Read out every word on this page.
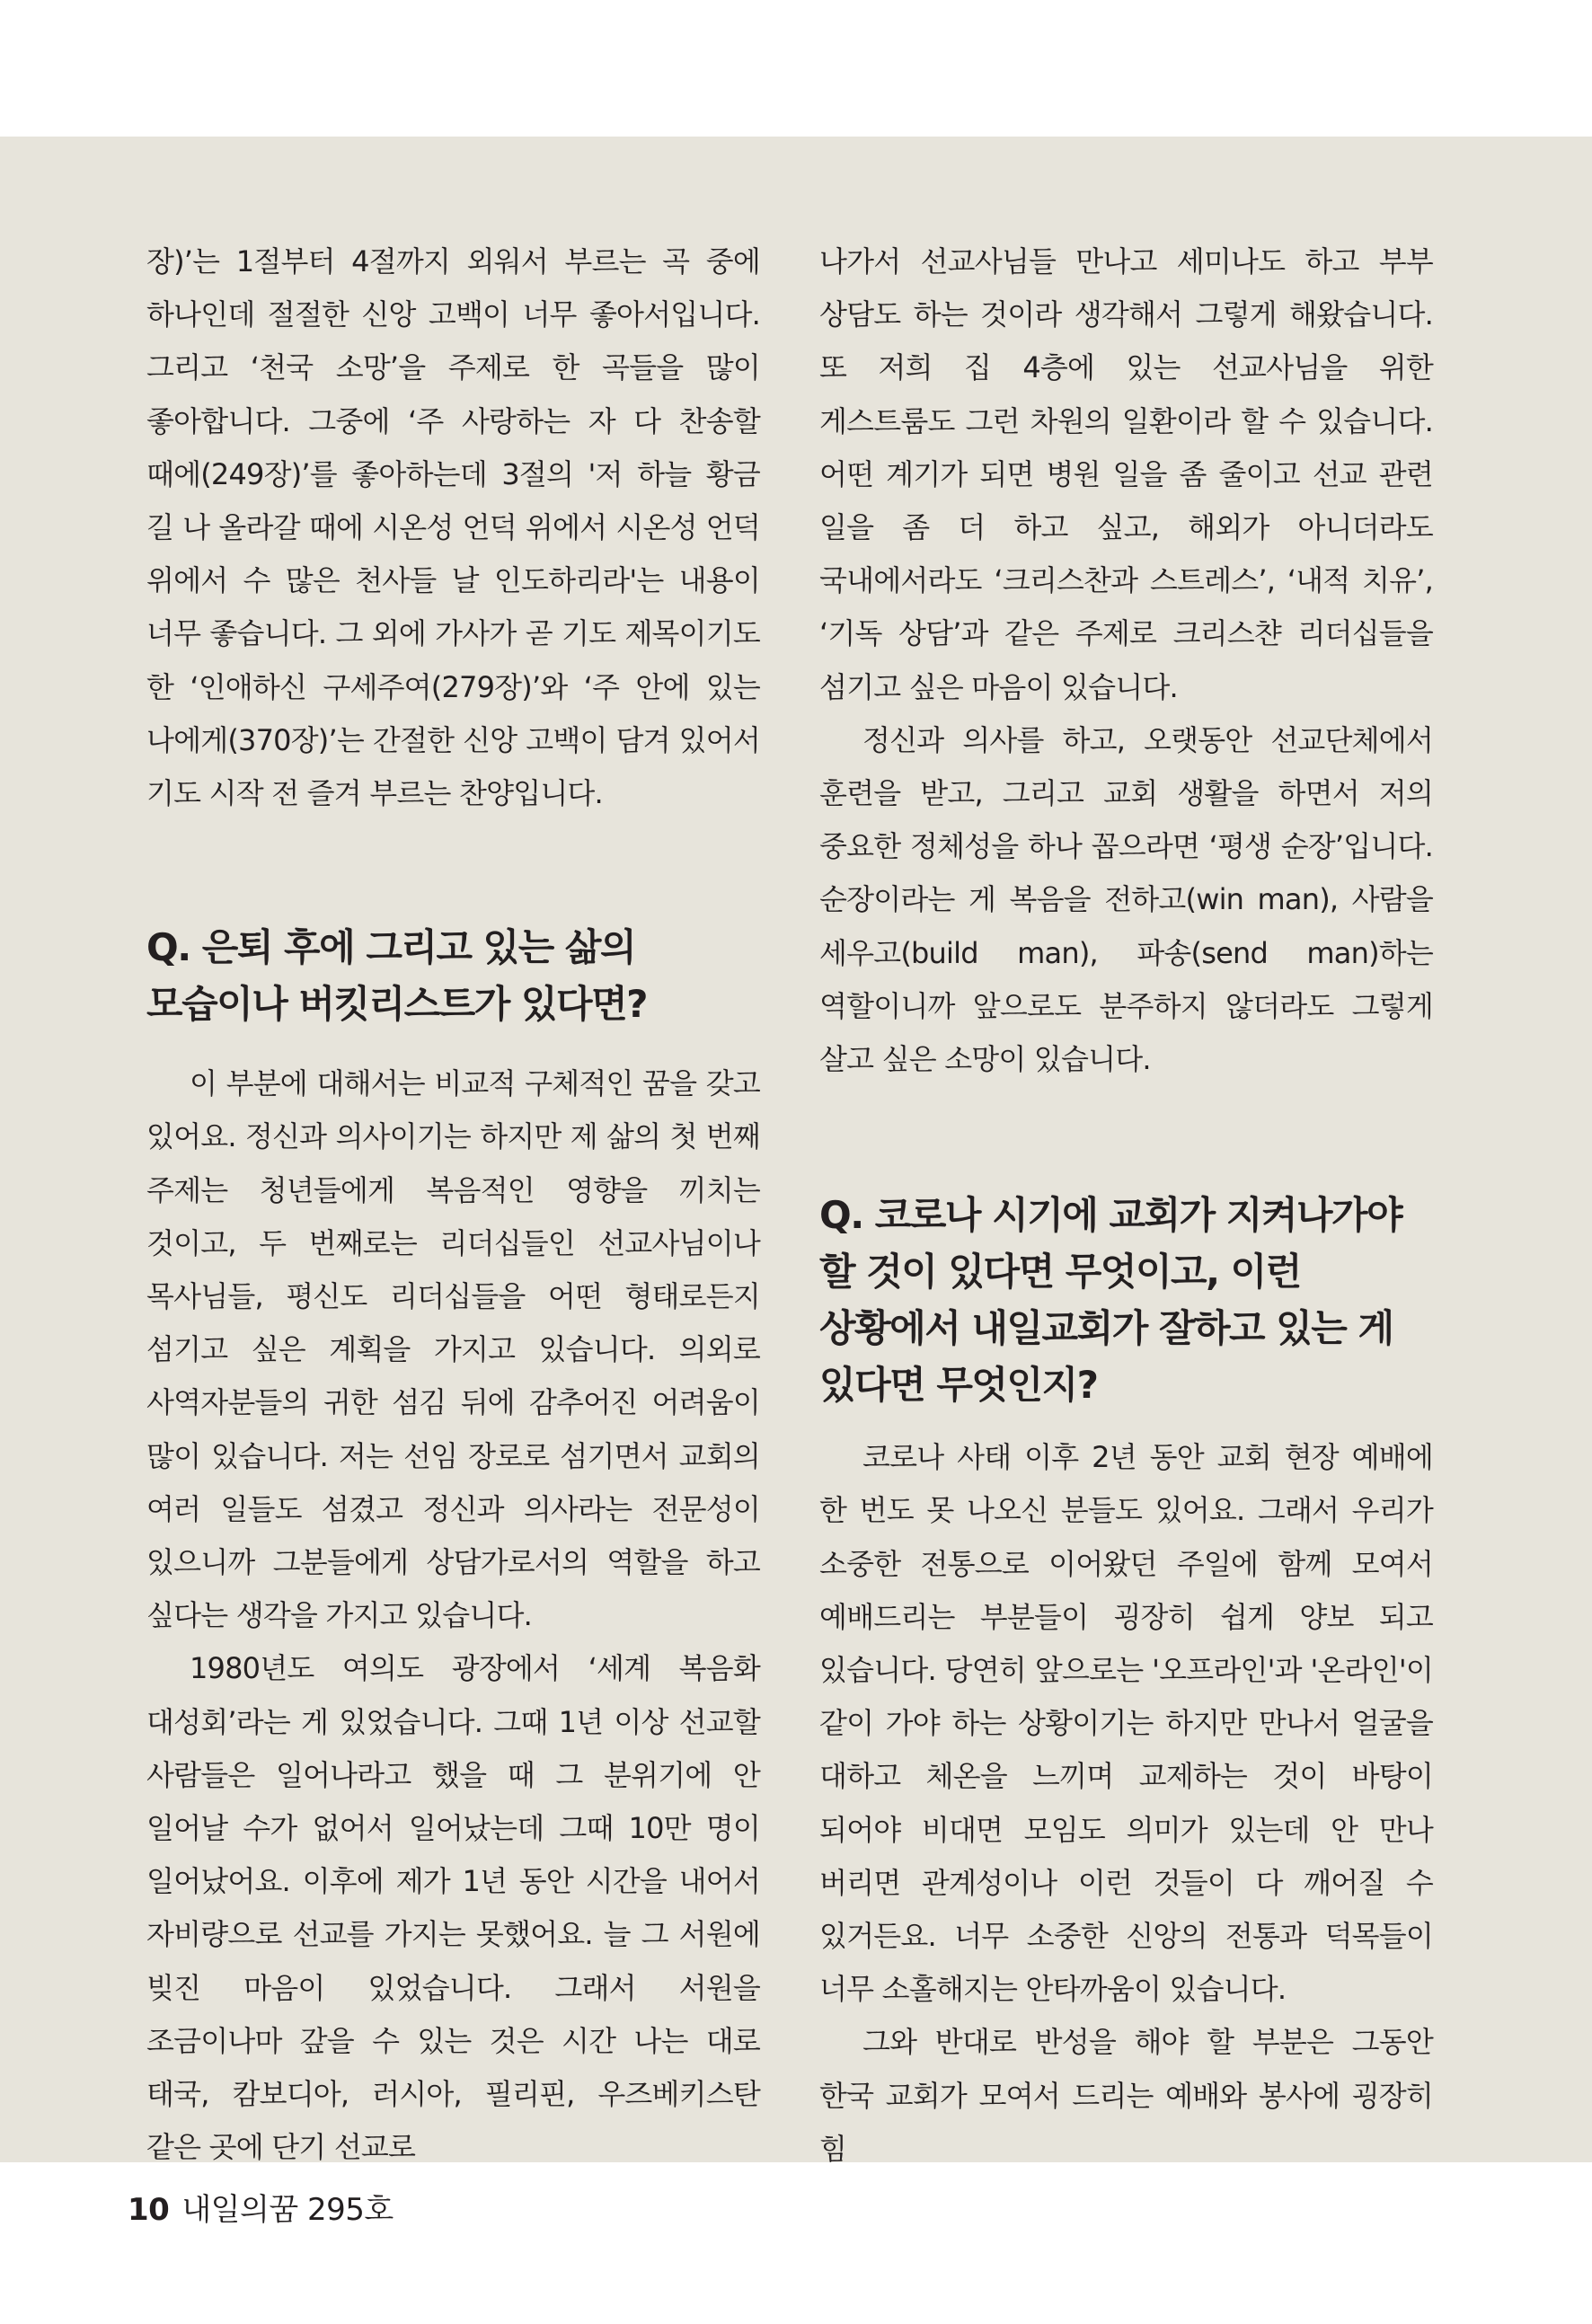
장)’는 1절부터 4절까지 외워서 부르는 곡 중에 하나인데 절절한 신앙 고백이 너무 좋아서입니다. 그리고 ‘천국 소망’을 주제로 한 곡들을 많이 좋아합니다. 그중에 ‘주 사랑하는 자 다 찬송할 때에(249장)’를 좋아하는데 3절의 '저 하늘 황금 길 나 올라갈 때에 시온성 언덕 위에서 시온성 언덕 위에서 수 많은 천사들 날 인도하리라'는 내용이 너무 좋습니다. 그 외에 가사가 곧 기도 제목이기도 한 ‘인애하신 구세주여(279장)’와 ‘주 안에 있는 나에게(370장)’는 간절한 신앙 고백이 담겨 있어서 기도 시작 전 즐겨 부르는 찬양입니다.

Q. 은퇴 후에 그리고 있는 삶의 모습이나 버킷리스트가 있다면?

이 부분에 대해서는 비교적 구체적인 꿈을 갖고 있어요. 정신과 의사이기는 하지만 제 삶의 첫 번째 주제는 청년들에게 복음적인 영향을 끼치는 것이고, 두 번째로는 리더십들인 선교사님이나 목사님들, 평신도 리더십들을 어떤 형태로든지 섬기고 싶은 계획을 가지고 있습니다. 의외로 사역자분들의 귀한 섬김 뒤에 감추어진 어려움이 많이 있습니다. 저는 선임 장로로 섬기면서 교회의 여러 일들도 섬겼고 정신과 의사라는 전문성이 있으니까 그분들에게 상담가로서의 역할을 하고 싶다는 생각을 가지고 있습니다.

1980년도 여의도 광장에서 ‘세계 복음화 대성회’라는 게 있었습니다. 그때 1년 이상 선교할 사람들은 일어나라고 했을 때 그 분위기에 안 일어날 수가 없어서 일어났는데 그때 10만 명이 일어났어요. 이후에 제가 1년 동안 시간을 내어서 자비량으로 선교를 가지는 못했어요. 늘 그 서원에 빚진 마음이 있었습니다. 그래서 서원을 조금이나마 갚을 수 있는 것은 시간 나는 대로 태국, 캄보디아, 러시아, 필리핀, 우즈베키스탄 같은 곳에 단기 선교로

나가서 선교사님들 만나고 세미나도 하고 부부 상담도 하는 것이라 생각해서 그렇게 해왔습니다. 또 저희 집 4층에 있는 선교사님을 위한 게스트룸도 그런 차원의 일환이라 할 수 있습니다. 어떤 계기가 되면 병원 일을 좀 줄이고 선교 관련 일을 좀 더 하고 싶고, 해외가 아니더라도 국내에서라도 ‘크리스찬과 스트레스’, ‘내적 치유’, ‘기독 상담’과 같은 주제로 크리스챤 리더십들을 섬기고 싶은 마음이 있습니다.

정신과 의사를 하고, 오랫동안 선교단체에서 훈련을 받고, 그리고 교회 생활을 하면서 저의 중요한 정체성을 하나 꼽으라면 ‘평생 순장’입니다. 순장이라는 게 복음을 전하고(win man), 사람을 세우고(build man), 파송(send man)하는 역할이니까 앞으로도 분주하지 않더라도 그렇게 살고 싶은 소망이 있습니다.

Q. 코로나 시기에 교회가 지켜나가야 할 것이 있다면 무엇이고, 이런 상황에서 내일교회가 잘하고 있는 게 있다면 무엇인지?

코로나 사태 이후 2년 동안 교회 현장 예배에 한 번도 못 나오신 분들도 있어요. 그래서 우리가 소중한 전통으로 이어왔던 주일에 함께 모여서 예배드리는 부분들이 굉장히 쉽게 양보 되고 있습니다. 당연히 앞으로는 '오프라인'과 '온라인'이 같이 가야 하는 상황이기는 하지만 만나서 얼굴을 대하고 체온을 느끼며 교제하는 것이 바탕이 되어야 비대면 모임도 의미가 있는데 안 만나 버리면 관계성이나 이런 것들이 다 깨어질 수 있거든요. 너무 소중한 신앙의 전통과 덕목들이 너무 소홀해지는 안타까움이 있습니다.

그와 반대로 반성을 해야 할 부분은 그동안 한국 교회가 모여서 드리는 예배와 봉사에 굉장히 힘

10 내일의꿈 295호
